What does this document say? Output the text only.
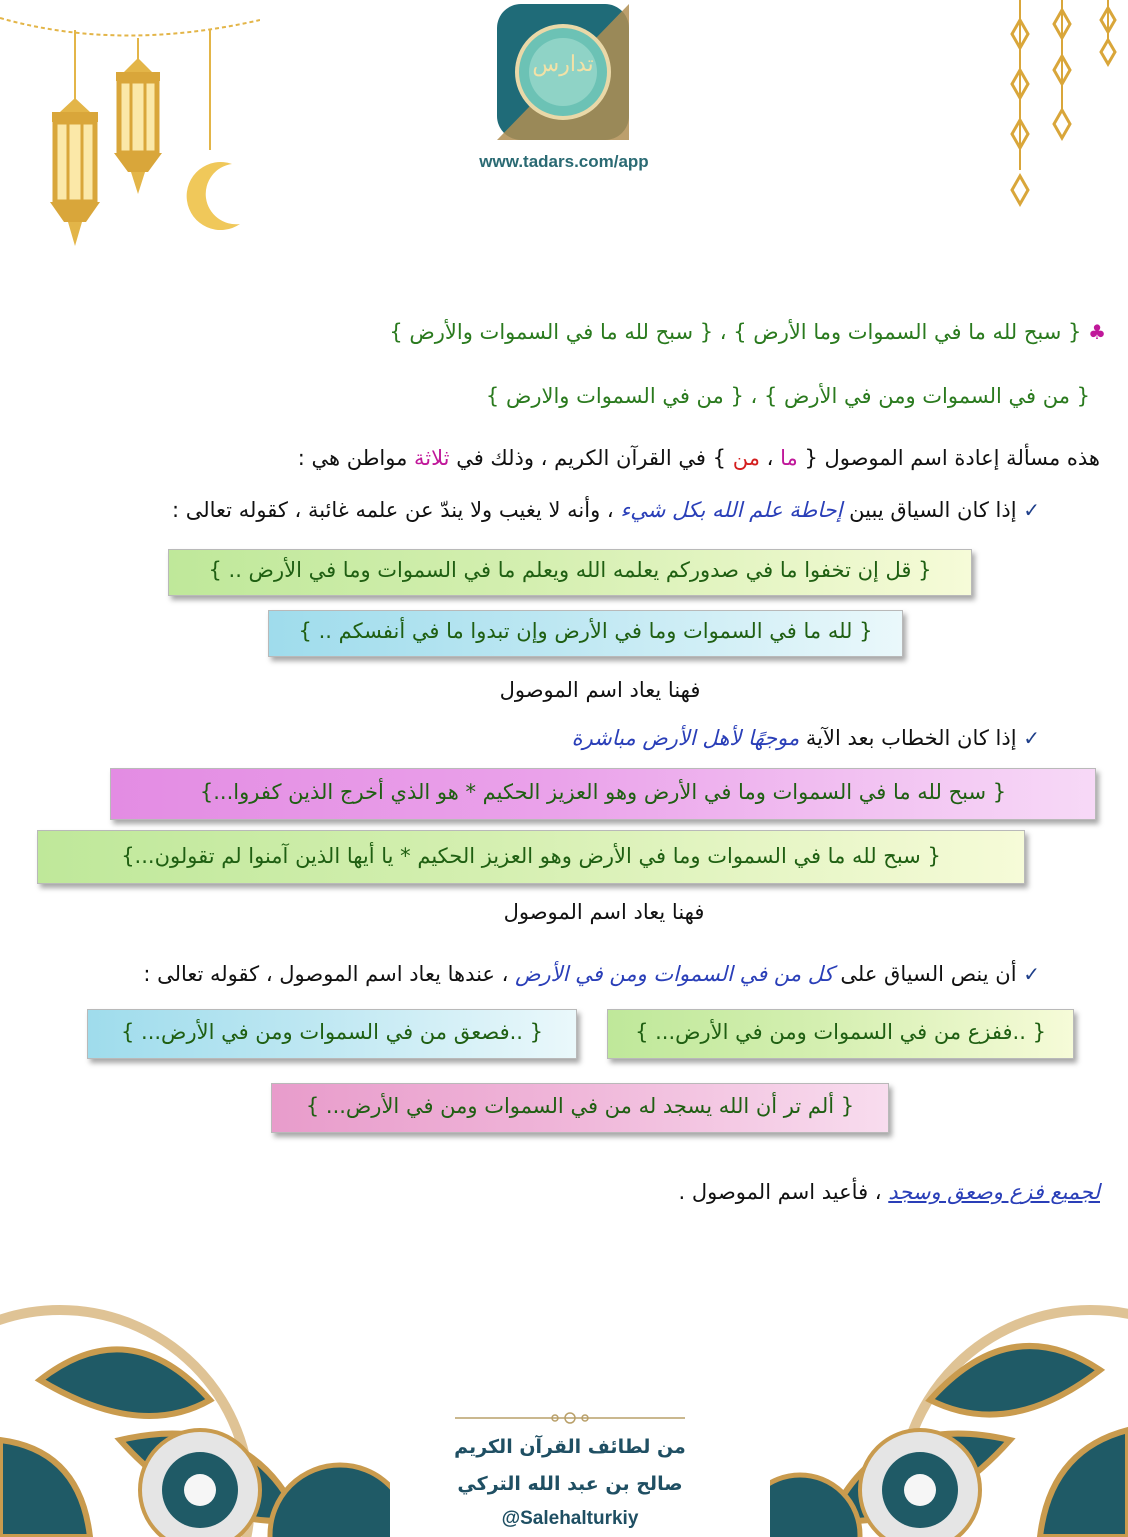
تدارس
www.tadars.com/app
♣ { سبح لله ما في السموات وما الأرض } ، { سبح لله ما في السموات والأرض }
{ من في السموات ومن في الأرض } ، { من في السموات والارض }
هذه مسألة إعادة اسم الموصول { ما ، من } في القرآن الكريم ، وذلك في ثلاثة مواطن هي :
✓ إذا كان السياق يبين إحاطة علم الله بكل شيء ، وأنه لا يغيب ولا يندّ عن علمه غائبة ، كقوله تعالى :
{ قل إن تخفوا ما في صدوركم يعلمه الله ويعلم ما في السموات وما في الأرض .. }
{ لله ما في السموات وما في الأرض وإن تبدوا ما في أنفسكم .. }
فهنا يعاد اسم الموصول
✓ إذا كان الخطاب بعد الآية موجهًا لأهل الأرض مباشرة
{ سبح لله ما في السموات وما في الأرض وهو العزيز الحكيم * هو الذي أخرج الذين كفروا...}
{ سبح لله ما في السموات وما في الأرض وهو العزيز الحكيم * يا أيها الذين آمنوا لم تقولون...}
فهنا يعاد اسم الموصول
✓ أن ينص السياق على كل من في السموات ومن في الأرض ، عندها يعاد اسم الموصول ، كقوله تعالى :
{ ..ففزع من في السموات ومن في الأرض... }
{ ..فصعق من في السموات ومن في الأرض... }
{ ألم تر أن الله يسجد له من في السموات ومن في الأرض... }
لجميع فزع وصعق وسجد ، فأعيد اسم الموصول .
من لطائف القرآن الكريم
صالح بن عبد الله التركي
@Salehalturkiy
